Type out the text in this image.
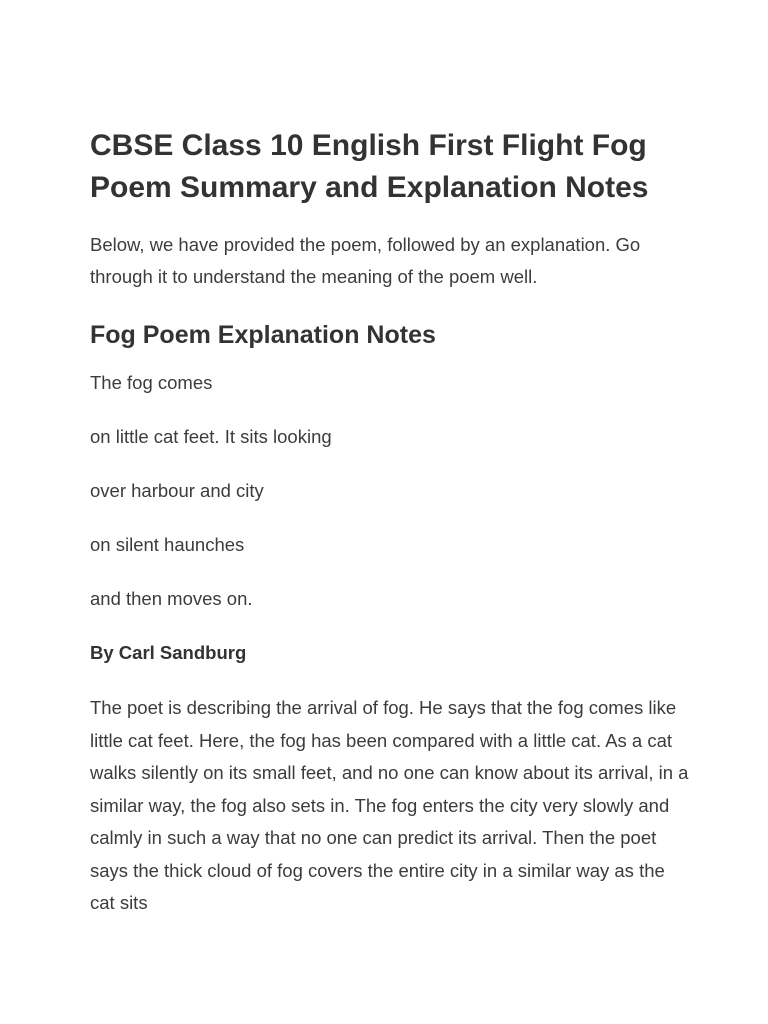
CBSE Class 10 English First Flight Fog Poem Summary and Explanation Notes

Below, we have provided the poem, followed by an explanation. Go through it to understand the meaning of the poem well.

Fog Poem Explanation Notes

The fog comes

on little cat feet. It sits looking

over harbour and city

on silent haunches

and then moves on.

By Carl Sandburg

The poet is describing the arrival of fog. He says that the fog comes like little cat feet. Here, the fog has been compared with a little cat. As a cat walks silently on its small feet, and no one can know about its arrival, in a similar way, the fog also sets in. The fog enters the city very slowly and calmly in such a way that no one can predict its arrival. Then the poet says the thick cloud of fog covers the entire city in a similar way as the cat sits
